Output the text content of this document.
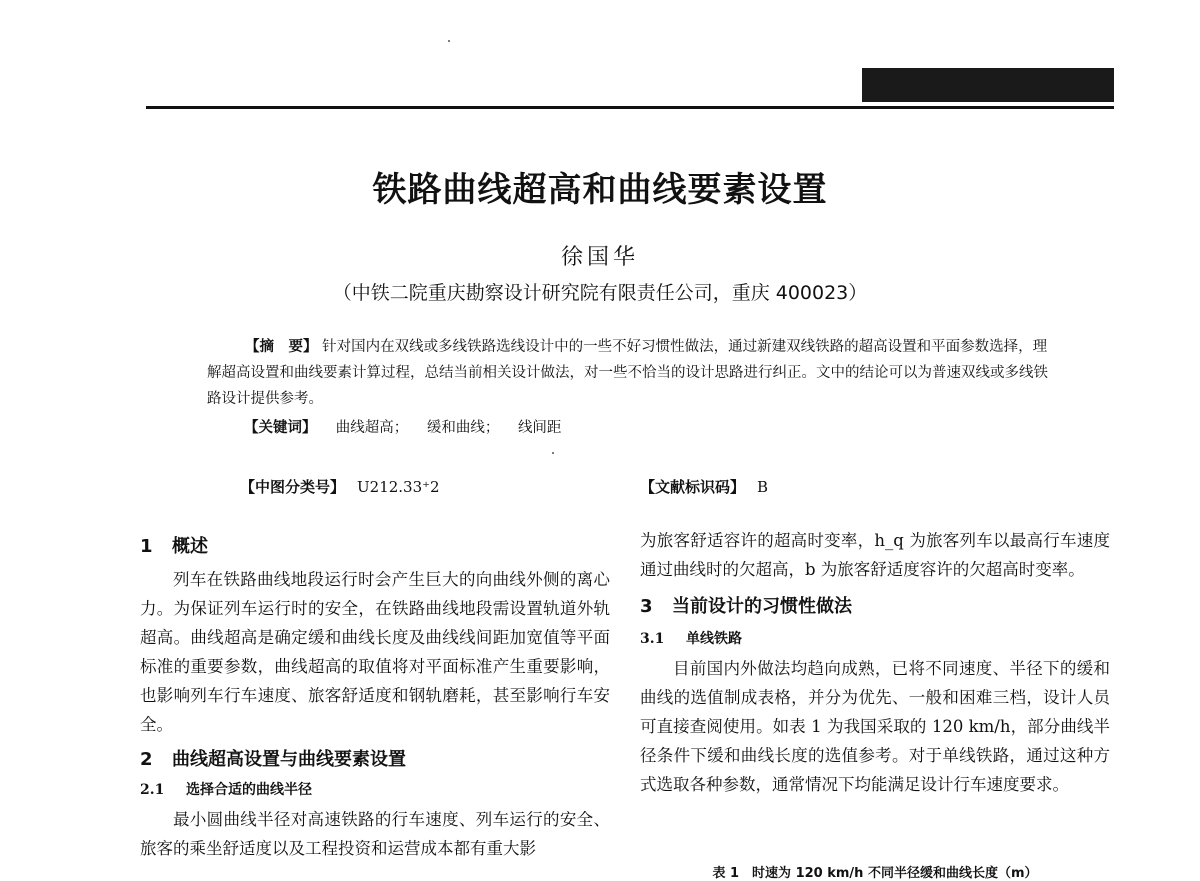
铁路曲线超高和曲线要素设置
徐国华
（中铁二院重庆勘察设计研究院有限责任公司，重庆 400023）
【摘　要】 针对国内在双线或多线铁路选线设计中的一些不好习惯性做法，通过新建双线铁路的超高设置和平面参数选择，理解超高设置和曲线要素计算过程，总结当前相关设计做法，对一些不恰当的设计思路进行纠正。文中的结论可以为普速双线或多线铁路设计提供参考。
【关键词】 曲线超高； 缓和曲线； 线间距
【中图分类号】 U212.33⁺2	【文献标识码】 B
1 概述

列车在铁路曲线地段运行时会产生巨大的向曲线外侧的离心力。为保证列车运行时的安全，在铁路曲线地段需设置轨道外轨超高。曲线超高是确定缓和曲线长度及曲线线间距加宽值等平面标准的重要参数，曲线超高的取值将对平面标准产生重要影响，也影响列车行车速度、旅客舒适度和钢轨磨耗，甚至影响行车安全。

2 曲线超高设置与曲线要素设置
2.1 选择合适的曲线半径

最小圆曲线半径对高速铁路的行车速度、列车运行的安全、旅客的乘坐舒适度以及工程投资和运营成本都有重大影

为旅客舒适容许的超高时变率，h_q 为旅客列车以最高行车速度通过曲线时的欠超高，b 为旅客舒适度容许的欠超高时变率。

3 当前设计的习惯性做法
3.1 单线铁路

目前国内外做法均趋向成熟，已将不同速度、半径下的缓和曲线的选值制成表格，并分为优先、一般和困难三档，设计人员可直接查阅使用。如表 1 为我国采取的 120 km/h，部分曲线半径条件下缓和曲线长度的选值参考。对于单线铁路，通过这种方式选取各种参数，通常情况下均能满足设计行车速度要求。

表 1　时速为 120 km/h 不同半径缓和曲线长度（m）
